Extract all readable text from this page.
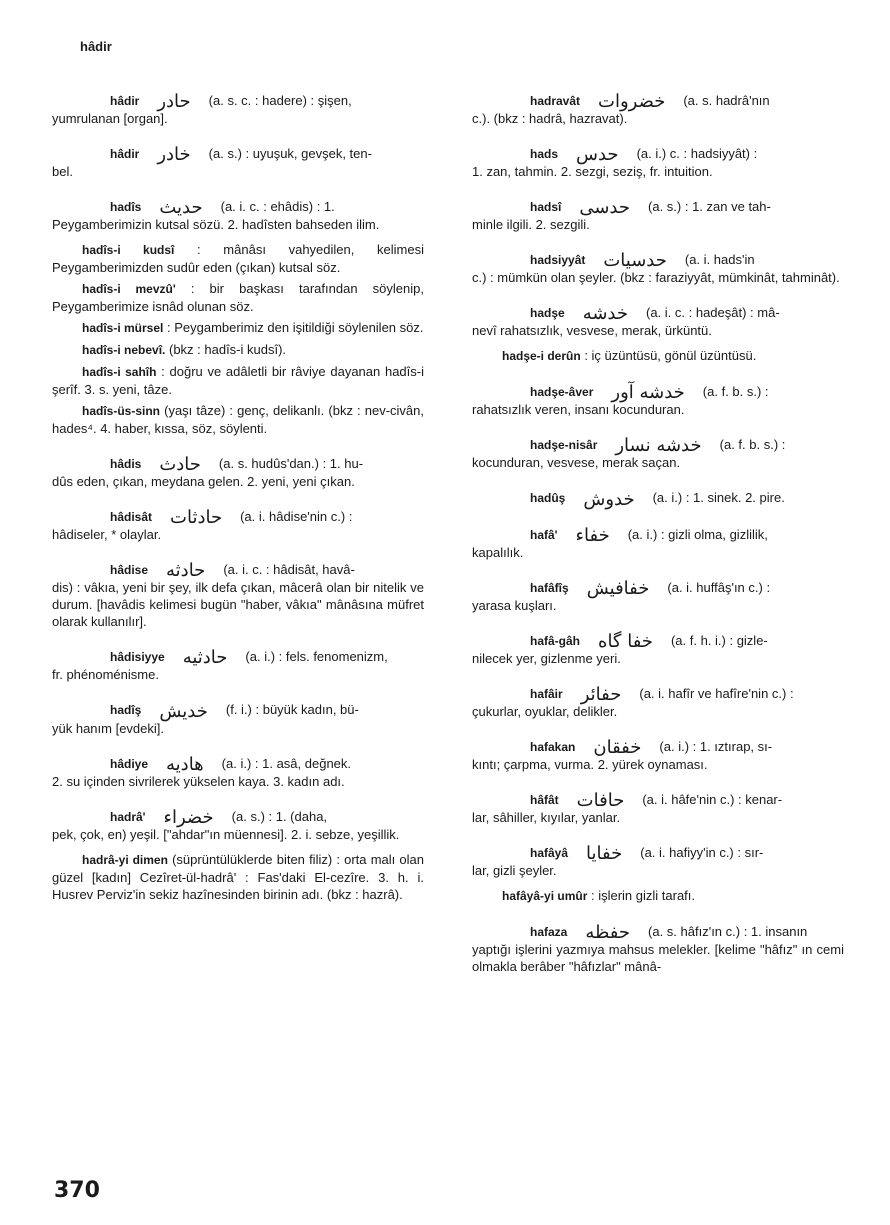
hâdir
hâdir حادر (a. s. c. : hadere) : şişen,
yumrulanan [organ].
hâdir خادر (a. s.) : uyuşuk, gevşek, ten-
bel.
hadîs حديث (a. i. c. : ehâdis) : 1.
Peygamberimizin kutsal sözü. 2. hadîsten bahseden ilim.
hadîs-i kudsî : mânâsı vahyedilen, kelimesi Peygamberimizden sudûr eden (çıkan) kutsal söz.
hadîs-i mevzû' : bir başkası tarafından söylenip, Peygamberimize isnâd olunan söz.
hadîs-i mürsel : Peygamberimiz den işitildiği söylenilen söz.
hadîs-i nebevî. (bkz : hadîs-i kudsî).
hadîs-i sahîh : doğru ve adâletli bir râviye dayanan hadîs-i şerîf. 3. s. yeni, tâze.
hadîs-üs-sinn (yaşı tâze) : genç, delikanlı. (bkz : nev-civân, hades⁴. 4. haber, kıssa, söz, söylenti.
hâdis حادث (a. s. hudûs'dan.) : 1. hu-
dûs eden, çıkan, meydana gelen. 2. yeni, yeni çıkan.
hâdisât حادثات (a. i. hâdise'nin c.) :
hâdiseler, * olaylar.
hâdise حادثه (a. i. c. : hâdisât, havâ-
dis) : vâkıa, yeni bir şey, ilk defa çıkan, mâcerâ olan bir nitelik ve durum. [havâdis kelimesi bugün "haber, vâkıa" mânâsına müfret olarak kullanılır].
hâdisiyye حادثيه (a. i.) : fels. fenomenizm,
fr. phénoménisme.
hadîş خديش (f. i.) : büyük kadın, bü-
yük hanım [evdeki].
hâdiye هاديه (a. i.) : 1. asâ, değnek.
2. su içinden sivrilerek yükselen kaya. 3. kadın adı.
hadrâ' خضراء (a. s.) : 1. (daha,
pek, çok, en) yeşil. ["ahdar"ın müennesi]. 2. i. sebze, yeşillik.
hadrâ-yi dimen (süprüntülüklerde biten filiz) : orta malı olan güzel [kadın] Cezîret-ül-hadrâ' : Fas'daki El-cezîre. 3. h. i. Husrev Perviz'in sekiz hazînesinden birinin adı. (bkz : hazrâ).
hadravât خضروات (a. s. hadrâ'nın
c.). (bkz : hadrâ, hazravat).
hads حدس (a. i.) c. : hadsiyyât) :
1. zan, tahmin. 2. sezgi, seziş, fr. intuition.
hadsî حدسى (a. s.) : 1. zan ve tah-
minle ilgili. 2. sezgili.
hadsiyyât حدسيات (a. i. hads'in
c.) : mümkün olan şeyler. (bkz : faraziyyât, mümkinât, tahminât).
hadşe خدشه (a. i. c. : hadeşât) : mâ-
nevî rahatsızlık, vesvese, merak, ürküntü.
hadşe-i derûn : iç üzüntüsü, gönül üzüntüsü.
hadşe-âver خدشه آور (a. f. b. s.) :
rahatsızlık veren, insanı kocunduran.
hadşe-nisâr خدشه نسار (a. f. b. s.) :
kocunduran, vesvese, merak saçan.
hadûş خدوش (a. i.) : 1. sinek. 2. pire.
hafâ' خفاء (a. i.) : gizli olma, gizlilik,
kapalılık.
hafâfîş خفافيش (a. i. huffâş'ın c.) :
yarasa kuşları.
hafâ-gâh خفا گاه (a. f. h. i.) : gizle-
nilecek yer, gizlenme yeri.
hafâir حفائر (a. i. hafîr ve hafîre'nin c.) :
çukurlar, oyuklar, delikler.
hafakan خفقان (a. i.) : 1. ıztırap, sı-
kıntı; çarpma, vurma. 2. yürek oynaması.
hâfât حافات (a. i. hâfe'nin c.) : kenar-
lar, sâhiller, kıyılar, yanlar.
hafâyâ خفايا (a. i. hafiyy'in c.) : sır-
lar, gizli şeyler.
hafâyâ-yi umûr : işlerin gizli tarafı.
hafaza حفظه (a. s. hâfız'ın c.) : 1. insanın
yaptığı işlerini yazmıya mahsus melekler. [kelime "hâfız" ın cemi olmakla berâber "hâfızlar" mânâ-
370
